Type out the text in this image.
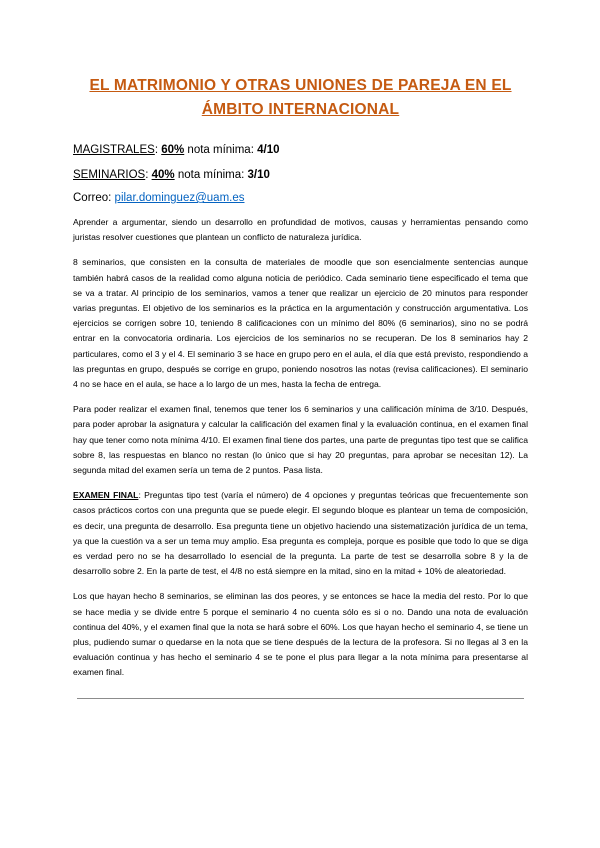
EL MATRIMONIO Y OTRAS UNIONES DE PAREJA EN EL ÁMBITO INTERNACIONAL

MAGISTRALES: 60% nota mínima: 4/10

SEMINARIOS: 40% nota mínima: 3/10

Correo: pilar.dominguez@uam.es

Aprender a argumentar, siendo un desarrollo en profundidad de motivos, causas y herramientas pensando como juristas resolver cuestiones que plantean un conflicto de naturaleza jurídica.

8 seminarios, que consisten en la consulta de materiales de moodle que son esencialmente sentencias aunque también habrá casos de la realidad como alguna noticia de periódico. Cada seminario tiene especificado el tema que se va a tratar. Al principio de los seminarios, vamos a tener que realizar un ejercicio de 20 minutos para responder varias preguntas. El objetivo de los seminarios es la práctica en la argumentación y construcción argumentativa. Los ejercicios se corrigen sobre 10, teniendo 8 calificaciones con un mínimo del 80% (6 seminarios), sino no se podrá entrar en la convocatoria ordinaria. Los ejercicios de los seminarios no se recuperan. De los 8 seminarios hay 2 particulares, como el 3 y el 4. El seminario 3 se hace en grupo pero en el aula, el día que está previsto, respondiendo a las preguntas en grupo, después se corrige en grupo, poniendo nosotros las notas (revisa calificaciones). El seminario 4 no se hace en el aula, se hace a lo largo de un mes, hasta la fecha de entrega.

Para poder realizar el examen final, tenemos que tener los 6 seminarios y una calificación mínima de 3/10. Después, para poder aprobar la asignatura y calcular la calificación del examen final y la evaluación continua, en el examen final hay que tener como nota mínima 4/10. El examen final tiene dos partes, una parte de preguntas tipo test que se califica sobre 8, las respuestas en blanco no restan (lo único que si hay 20 preguntas, para aprobar se necesitan 12). La segunda mitad del examen sería un tema de 2 puntos. Pasa lista.

EXAMEN FINAL: Preguntas tipo test (varía el número) de 4 opciones y preguntas teóricas que frecuentemente son casos prácticos cortos con una pregunta que se puede elegir. El segundo bloque es plantear un tema de composición, es decir, una pregunta de desarrollo. Esa pregunta tiene un objetivo haciendo una sistematización jurídica de un tema, ya que la cuestión va a ser un tema muy amplio. Esa pregunta es compleja, porque es posible que todo lo que se diga es verdad pero no se ha desarrollado lo esencial de la pregunta. La parte de test se desarrolla sobre 8 y la de desarrollo sobre 2. En la parte de test, el 4/8 no está siempre en la mitad, sino en la mitad + 10% de aleatoriedad.

Los que hayan hecho 8 seminarios, se eliminan las dos peores, y se entonces se hace la media del resto. Por lo que se hace media y se divide entre 5 porque el seminario 4 no cuenta sólo es si o no. Dando una nota de evaluación continua del 40%, y el examen final que la nota se hará sobre el 60%. Los que hayan hecho el seminario 4, se tiene un plus, pudiendo sumar o quedarse en la nota que se tiene después de la lectura de la profesora. Si no llegas al 3 en la evaluación continua y has hecho el seminario 4 se te pone el plus para llegar a la nota mínima para presentarse al examen final.
